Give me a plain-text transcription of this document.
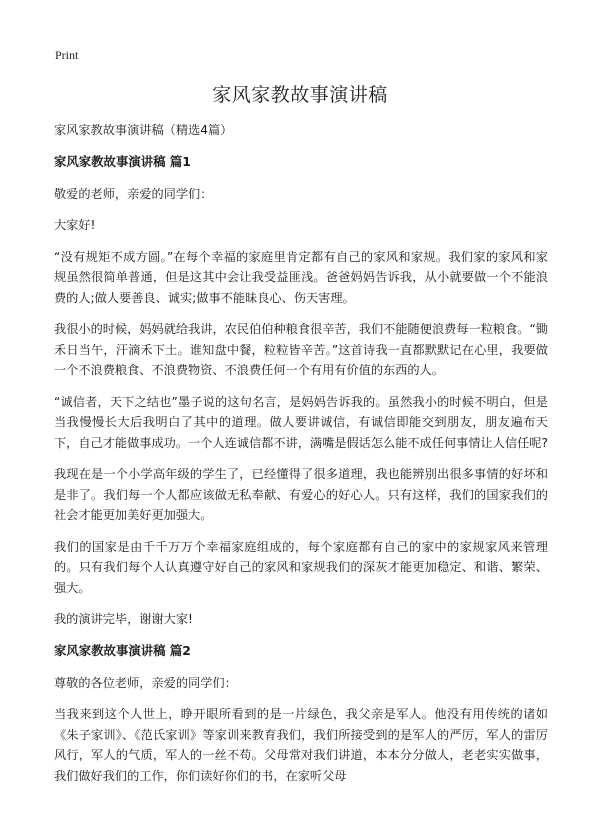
Print
家风家教故事演讲稿

家风家教故事演讲稿（精选4篇）

家风家教故事演讲稿 篇1

敬爱的老师，亲爱的同学们：

大家好!

“没有规矩不成方圆。”在每个幸福的家庭里肯定都有自己的家风和家规。我们家的家风和家规虽然很简单普通，但是这其中会让我受益匪浅。爸爸妈妈告诉我，从小就要做一个不能浪费的人;做人要善良、诚实;做事不能昧良心、伤天害理。

我很小的时候，妈妈就给我讲，农民伯伯种粮食很辛苦，我们不能随便浪费每一粒粮食。“锄禾日当午，汗滴禾下土。谁知盘中餐，粒粒皆辛苦。”这首诗我一直都默默记在心里，我要做一个不浪费粮食、不浪费物资、不浪费任何一个有用有价值的东西的人。

“诚信者，天下之结也”墨子说的这句名言，是妈妈告诉我的。虽然我小的时候不明白，但是当我慢慢长大后我明白了其中的道理。做人要讲诚信，有诚信即能交到朋友，朋友遍布天下，自己才能做事成功。一个人连诚信都不讲，满嘴是假话怎么能不成任何事情让人信任呢?

我现在是一个小学高年级的学生了，已经懂得了很多道理，我也能辨别出很多事情的好坏和是非了。我们每一个人都应该做无私奉献、有爱心的好心人。只有这样，我们的国家我们的社会才能更加美好更加强大。

我们的国家是由千千万万个幸福家庭组成的，每个家庭都有自己的家中的家规家风来管理的。只有我们每个人认真遵守好自己的家风和家规我们的深灰才能更加稳定、和谐、繁荣、强大。

我的演讲完毕，谢谢大家!

家风家教故事演讲稿 篇2

尊敬的各位老师，亲爱的同学们：

当我来到这个人世上，睁开眼所看到的是一片绿色，我父亲是军人。他没有用传统的诸如《朱子家训》、《范氏家训》等家训来教育我们，我们所接受到的是军人的严厉，军人的雷厉风行，军人的气质，军人的一丝不苟。父母常对我们讲道，本本分分做人，老老实实做事，我们做好我们的工作，你们读好你们的书，在家听父母
